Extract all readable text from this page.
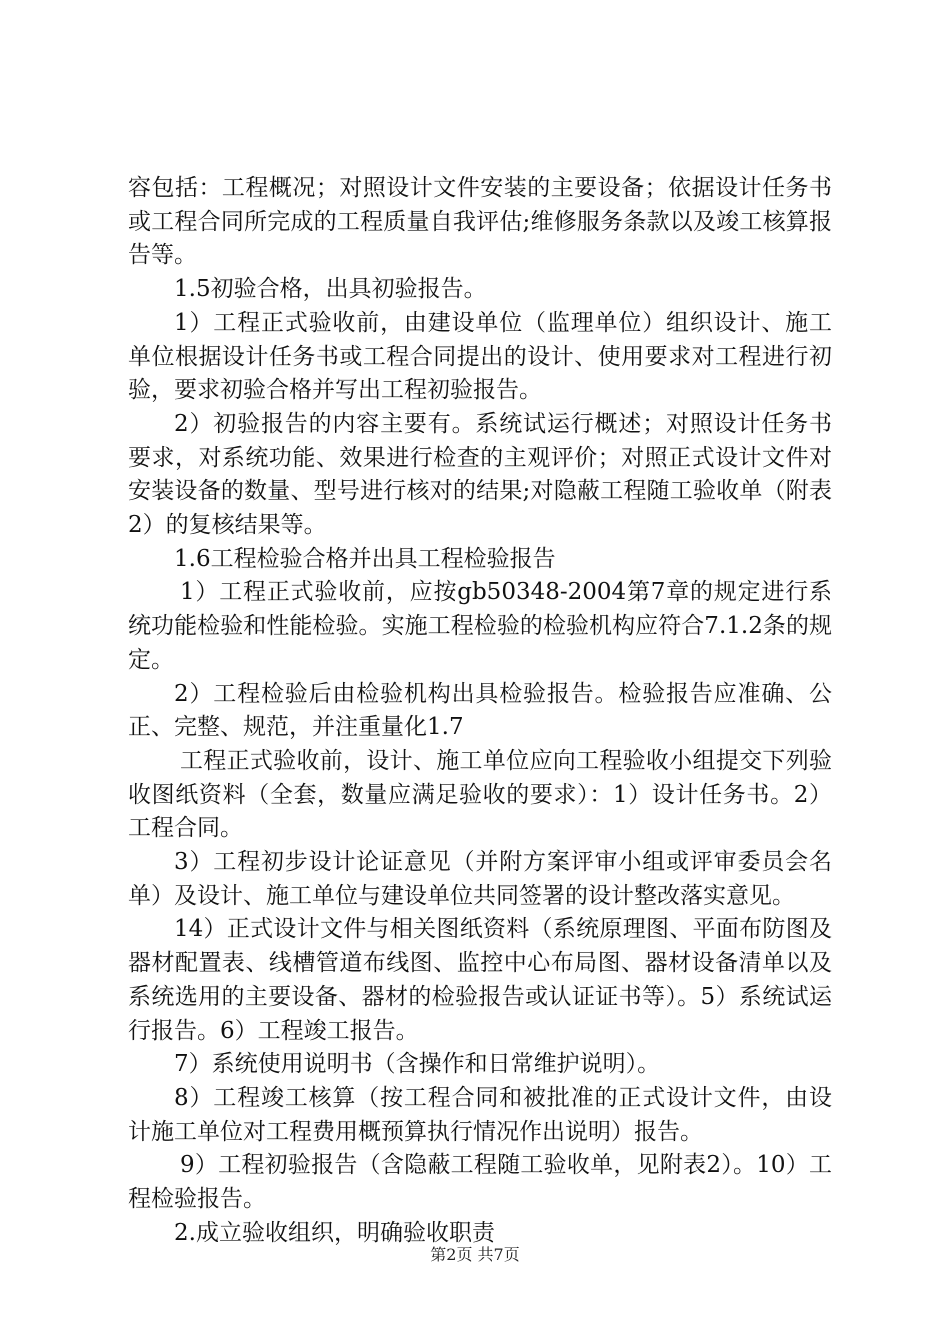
容包括：工程概况；对照设计文件安装的主要设备；依据设计任务书或工程合同所完成的工程质量自我评估;维修服务条款以及竣工核算报告等。

1.5初验合格，出具初验报告。

1）工程正式验收前，由建设单位（监理单位）组织设计、施工单位根据设计任务书或工程合同提出的设计、使用要求对工程进行初验，要求初验合格并写出工程初验报告。

2）初验报告的内容主要有。系统试运行概述；对照设计任务书要求，对系统功能、效果进行检查的主观评价；对照正式设计文件对安装设备的数量、型号进行核对的结果;对隐蔽工程随工验收单（附表2）的复核结果等。

1.6工程检验合格并出具工程检验报告

1）工程正式验收前，应按gb50348-2004第7章的规定进行系统功能检验和性能检验。实施工程检验的检验机构应符合7.1.2条的规定。

2）工程检验后由检验机构出具检验报告。检验报告应准确、公正、完整、规范，并注重量化1.7

工程正式验收前，设计、施工单位应向工程验收小组提交下列验收图纸资料（全套，数量应满足验收的要求）：1）设计任务书。2）工程合同。

3）工程初步设计论证意见（并附方案评审小组或评审委员会名单）及设计、施工单位与建设单位共同签署的设计整改落实意见。

14）正式设计文件与相关图纸资料（系统原理图、平面布防图及器材配置表、线槽管道布线图、监控中心布局图、器材设备清单以及系统选用的主要设备、器材的检验报告或认证证书等）。5）系统试运行报告。6）工程竣工报告。

7）系统使用说明书（含操作和日常维护说明）。

8）工程竣工核算（按工程合同和被批准的正式设计文件，由设计施工单位对工程费用概预算执行情况作出说明）报告。

9）工程初验报告（含隐蔽工程随工验收单，见附表2）。10）工程检验报告。

2.成立验收组织，明确验收职责

第2页 共7页
